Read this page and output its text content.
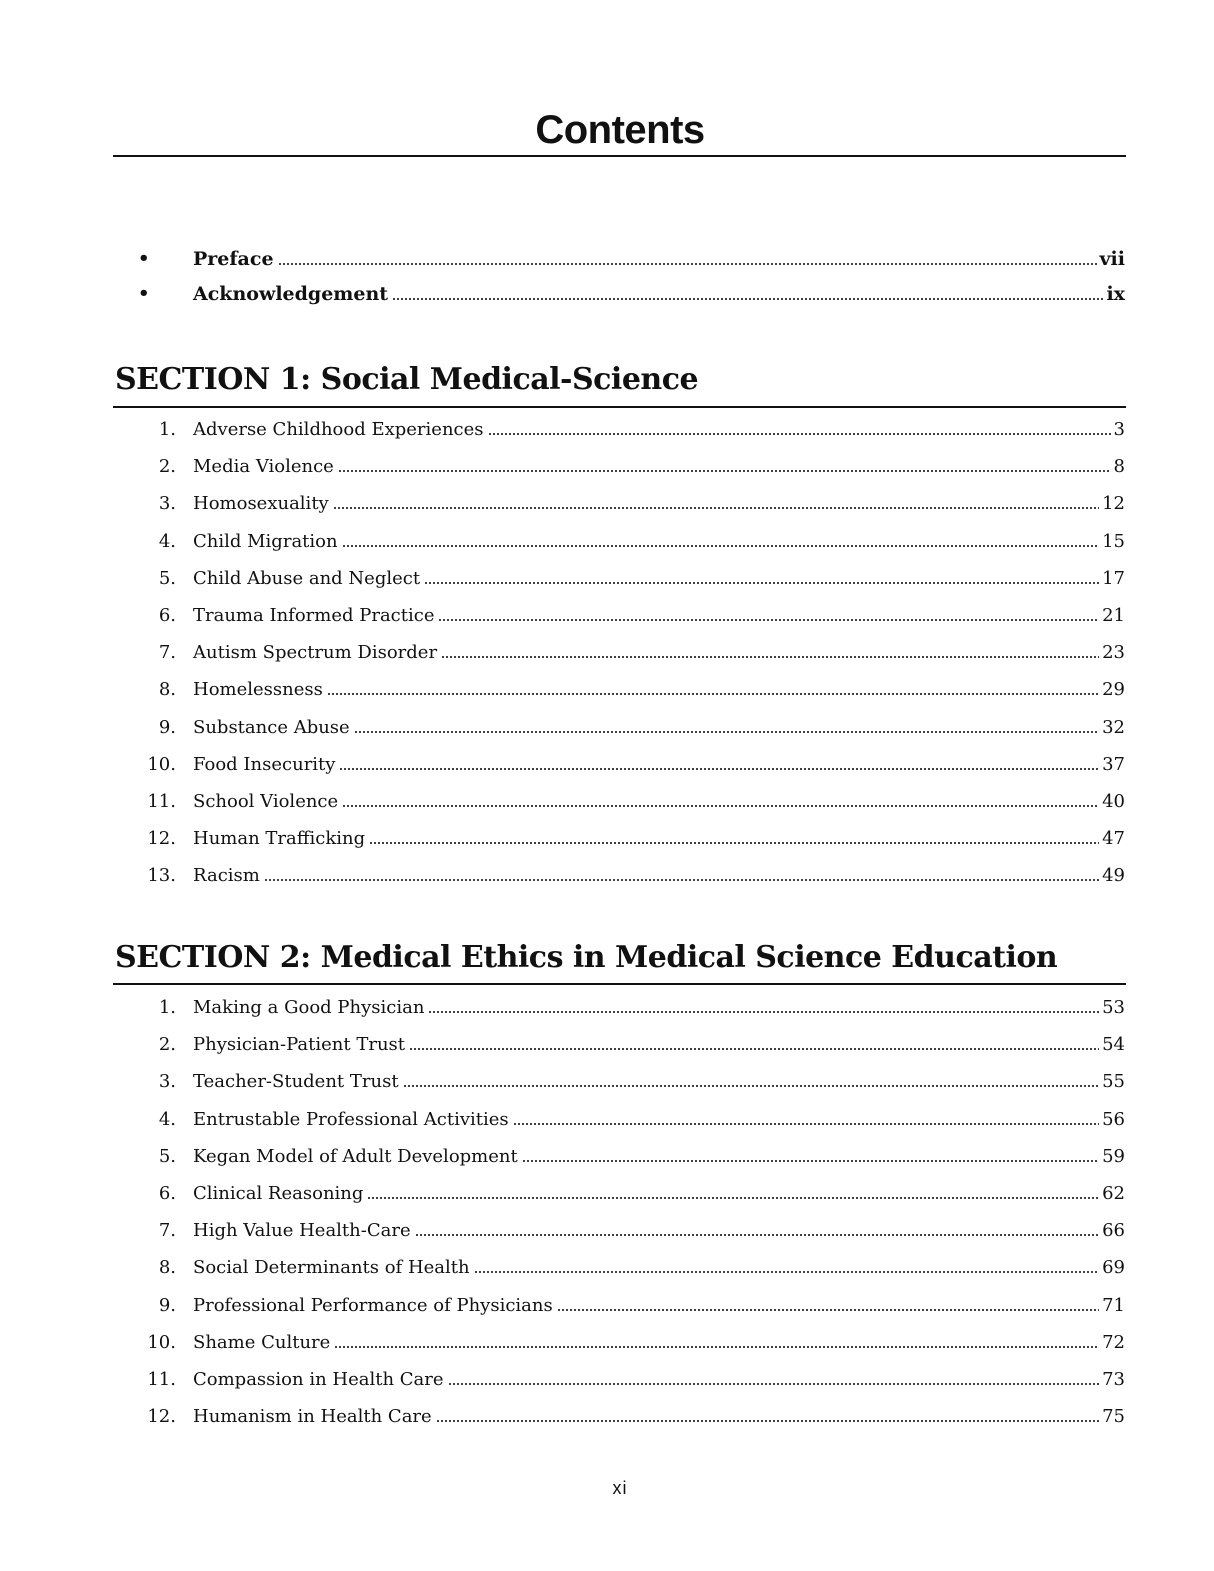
Contents
• Preface	vii
• Acknowledgement	ix
SECTION 1: Social Medical-Science
1. Adverse Childhood Experiences	3
2. Media Violence	8
3. Homosexuality	12
4. Child Migration	15
5. Child Abuse and Neglect	17
6. Trauma Informed Practice	21
7. Autism Spectrum Disorder	23
8. Homelessness	29
9. Substance Abuse	32
10. Food Insecurity	37
11. School Violence	40
12. Human Trafficking	47
13. Racism	49
SECTION 2: Medical Ethics in Medical Science Education
1. Making a Good Physician	53
2. Physician-Patient Trust	54
3. Teacher-Student Trust	55
4. Entrustable Professional Activities	56
5. Kegan Model of Adult Development	59
6. Clinical Reasoning	62
7. High Value Health-Care	66
8. Social Determinants of Health	69
9. Professional Performance of Physicians	71
10. Shame Culture	72
11. Compassion in Health Care	73
12. Humanism in Health Care	75
xi
